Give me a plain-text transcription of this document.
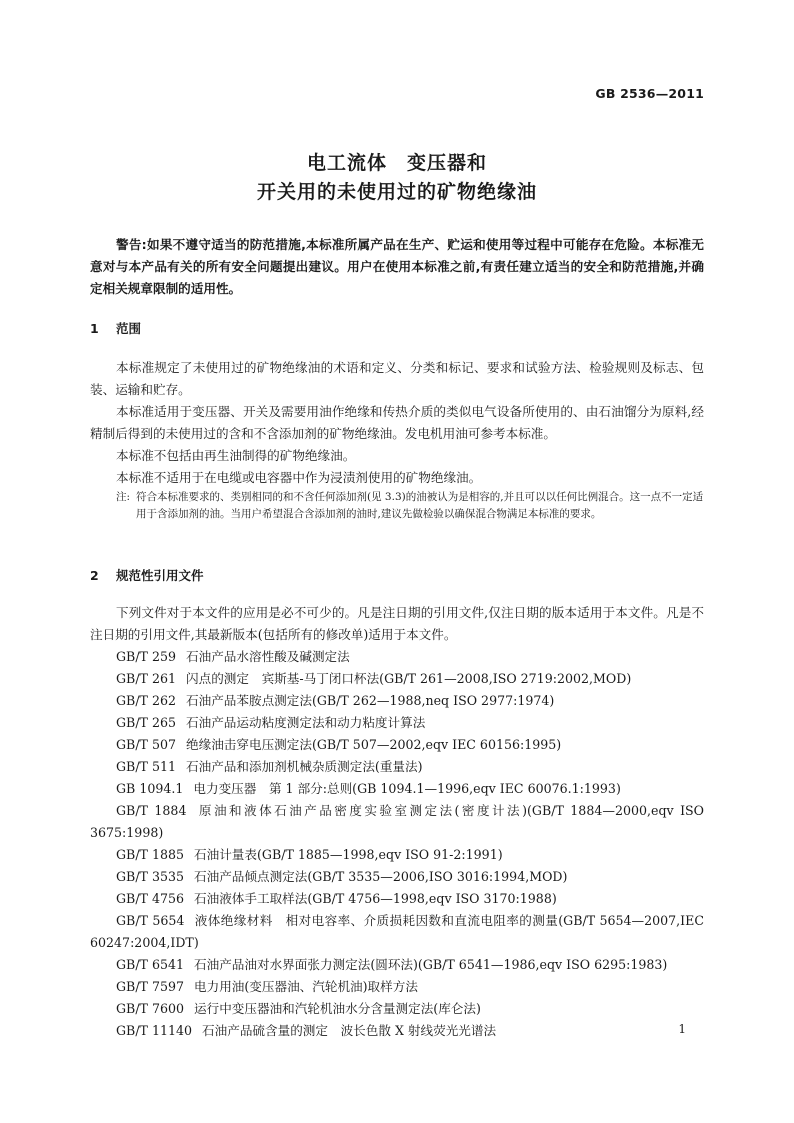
GB 2536—2011
电工流体　变压器和
开关用的未使用过的矿物绝缘油

警告:如果不遵守适当的防范措施,本标准所属产品在生产、贮运和使用等过程中可能存在危险。本标准无意对与本产品有关的所有安全问题提出建议。用户在使用本标准之前,有责任建立适当的安全和防范措施,并确定相关规章限制的适用性。

1 范围

本标准规定了未使用过的矿物绝缘油的术语和定义、分类和标记、要求和试验方法、检验规则及标志、包装、运输和贮存。

本标准适用于变压器、开关及需要用油作绝缘和传热介质的类似电气设备所使用的、由石油馏分为原料,经精制后得到的未使用过的含和不含添加剂的矿物绝缘油。发电机用油可参考本标准。

本标准不包括由再生油制得的矿物绝缘油。

本标准不适用于在电缆或电容器中作为浸渍剂使用的矿物绝缘油。

注: 符合本标准要求的、类别相同的和不含任何添加剂(见 3.3)的油被认为是相容的,并且可以以任何比例混合。这一点不一定适用于含添加剂的油。当用户希望混合含添加剂的油时,建议先做检验以确保混合物满足本标准的要求。

2 规范性引用文件

下列文件对于本文件的应用是必不可少的。凡是注日期的引用文件,仅注日期的版本适用于本文件。凡是不注日期的引用文件,其最新版本(包括所有的修改单)适用于本文件。

GB/T 259 石油产品水溶性酸及碱测定法

GB/T 261 闪点的测定　宾斯基-马丁闭口杯法(GB/T 261—2008,ISO 2719:2002,MOD)

GB/T 262 石油产品苯胺点测定法(GB/T 262—1988,neq ISO 2977:1974)

GB/T 265 石油产品运动粘度测定法和动力粘度计算法

GB/T 507 绝缘油击穿电压测定法(GB/T 507—2002,eqv IEC 60156:1995)

GB/T 511 石油产品和添加剂机械杂质测定法(重量法)

GB 1094.1 电力变压器　第 1 部分:总则(GB 1094.1—1996,eqv IEC 60076.1:1993)

GB/T 1884 原油和液体石油产品密度实验室测定法(密度计法)(GB/T 1884—2000,eqv ISO 3675:1998)

GB/T 1885 石油计量表(GB/T 1885—1998,eqv ISO 91-2:1991)

GB/T 3535 石油产品倾点测定法(GB/T 3535—2006,ISO 3016:1994,MOD)

GB/T 4756 石油液体手工取样法(GB/T 4756—1998,eqv ISO 3170:1988)

GB/T 5654 液体绝缘材料　相对电容率、介质损耗因数和直流电阻率的测量(GB/T 5654—2007,IEC 60247:2004,IDT)

GB/T 6541 石油产品油对水界面张力测定法(圆环法)(GB/T 6541—1986,eqv ISO 6295:1983)

GB/T 7597 电力用油(变压器油、汽轮机油)取样方法

GB/T 7600 运行中变压器油和汽轮机油水分含量测定法(库仑法)

GB/T 11140 石油产品硫含量的测定　波长色散 X 射线荧光光谱法	1
